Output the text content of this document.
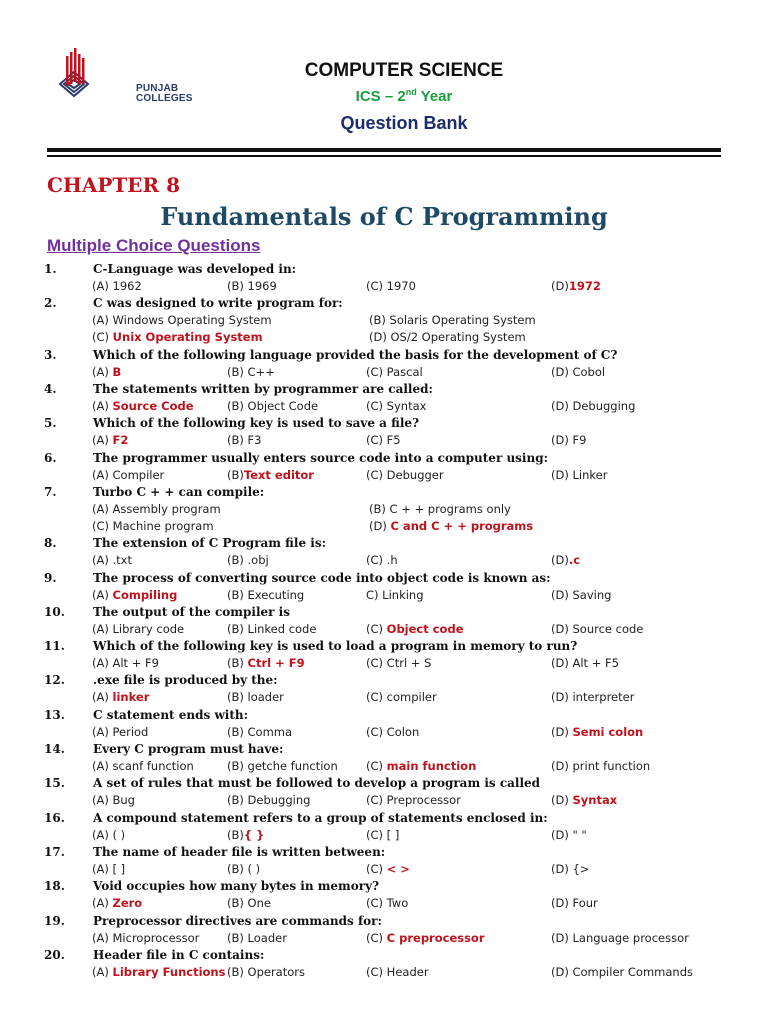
PUNJAB
COLLEGES
COMPUTER SCIENCE
ICS – 2nd Year
Question Bank
CHAPTER 8
Fundamentals of C Programming
Multiple Choice Questions
1.	C-Language was developed in:
(A) 1962	(B) 1969	(C) 1970	(D)1972
2.	C was designed to write program for:
(A) Windows Operating System	(B) Solaris Operating System
(C) Unix Operating System	(D) OS/2 Operating System
3.	Which of the following language provided the basis for the development of C?
(A) B	(B) C++	(C) Pascal	(D) Cobol
4.	The statements written by programmer are called:
(A) Source Code	(B) Object Code	(C) Syntax	(D) Debugging
5.	Which of the following key is used to save a file?
(A) F2	(B) F3	(C) F5	(D) F9
6.	The programmer usually enters source code into a computer using:
(A) Compiler	(B)Text editor	(C) Debugger	(D) Linker
7.	Turbo C + + can compile:
(A) Assembly program	(B) C + + programs only
(C) Machine program	(D) C and C + + programs
8.	The extension of C Program file is:
(A) .txt	(B) .obj	(C) .h	(D).c
9.	The process of converting source code into object code is known as:
(A) Compiling	(B) Executing	C) Linking	(D) Saving
10.	The output of the compiler is
(A) Library code	(B) Linked code	(C) Object code	(D) Source code
11.	Which of the following key is used to load a program in memory to run?
(A) Alt + F9	(B) Ctrl + F9	(C) Ctrl + S	(D) Alt + F5
12.	.exe file is produced by the:
(A) linker	(B) loader	(C) compiler	(D) interpreter
13.	C statement ends with:
(A) Period	(B) Comma	(C) Colon	(D) Semi colon
14.	Every C program must have:
(A) scanf function	(B) getche function (C) main function	(D) print function
15.	A set of rules that must be followed to develop a program is called
(A) Bug	(B) Debugging	(C) Preprocessor	(D) Syntax
16.	A compound statement refers to a group of statements enclosed in:
(A) ( )	(B){ }	(C) [ ]	(D) " "
17.	The name of header file is written between:
(A) [ ]	(B) ( )	(C) < >	(D) {>
18.	Void occupies how many bytes in memory?
(A) Zero	(B) One	(C) Two	(D) Four
19.	Preprocessor directives are commands for:
(A) Microprocessor (B) Loader	(C) C preprocessor	(D) Language processor
20.	Header file in C contains:
(A) Library Functions (B) Operators	(C) Header	(D) Compiler Commands
